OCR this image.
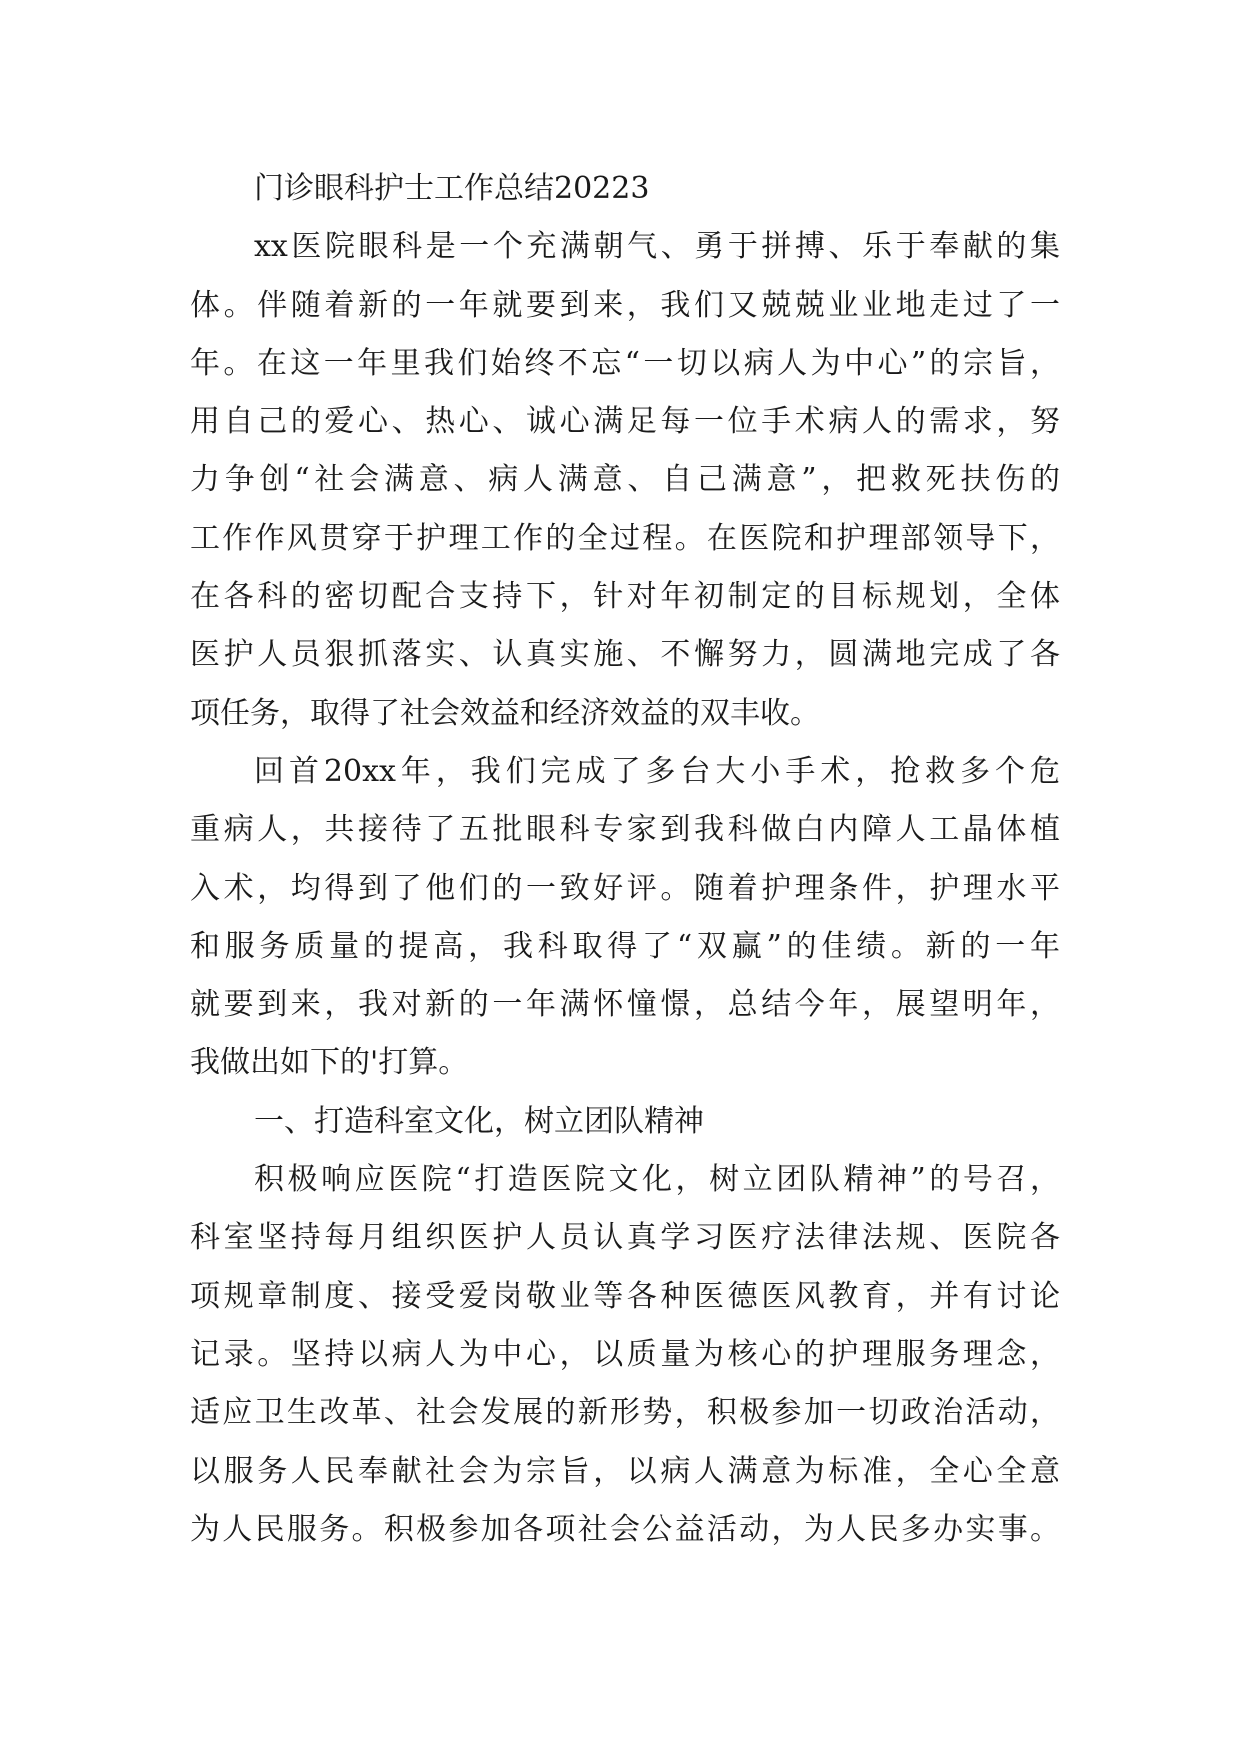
门诊眼科护士工作总结20223
xx医院眼科是一个充满朝气、勇于拼搏、乐于奉献的集
体。伴随着新的一年就要到来，我们又兢兢业业地走过了一
年。在这一年里我们始终不忘“一切以病人为中心”的宗旨，
用自己的爱心、热心、诚心满足每一位手术病人的需求，努
力争创“社会满意、病人满意、自己满意”，把救死扶伤的
工作作风贯穿于护理工作的全过程。在医院和护理部领导下，
在各科的密切配合支持下，针对年初制定的目标规划，全体
医护人员狠抓落实、认真实施、不懈努力，圆满地完成了各
项任务，取得了社会效益和经济效益的双丰收。
回首20xx年，我们完成了多台大小手术，抢救多个危
重病人，共接待了五批眼科专家到我科做白内障人工晶体植
入术，均得到了他们的一致好评。随着护理条件，护理水平
和服务质量的提高，我科取得了“双赢”的佳绩。新的一年
就要到来，我对新的一年满怀憧憬，总结今年，展望明年，
我做出如下的'打算。
一、打造科室文化，树立团队精神
积极响应医院“打造医院文化，树立团队精神”的号召，
科室坚持每月组织医护人员认真学习医疗法律法规、医院各
项规章制度、接受爱岗敬业等各种医德医风教育，并有讨论
记录。坚持以病人为中心，以质量为核心的护理服务理念，
适应卫生改革、社会发展的新形势，积极参加一切政治活动，
以服务人民奉献社会为宗旨，以病人满意为标准，全心全意
为人民服务。积极参加各项社会公益活动，为人民多办实事。
